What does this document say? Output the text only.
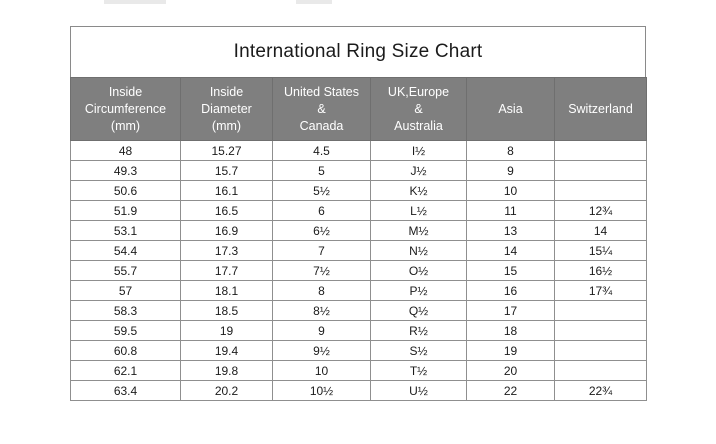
International Ring Size Chart
Inside
Circumference
(mm)	Inside
Diameter
(mm)	United States
&
Canada	UK,Europe
&
Australia	Asia	Switzerland

48	15.27	4.5	I½	8	
49.3	15.7	5	J½	9	
50.6	16.1	5½	K½	10	
51.9	16.5	6	L½	11	12¾
53.1	16.9	6½	M½	13	14
54.4	17.3	7	N½	14	15¼
55.7	17.7	7½	O½	15	16½
57	18.1	8	P½	16	17¾
58.3	18.5	8½	Q½	17	
59.5	19	9	R½	18	
60.8	19.4	9½	S½	19	
62.1	19.8	10	T½	20	
63.4	20.2	10½	U½	22	22¾
